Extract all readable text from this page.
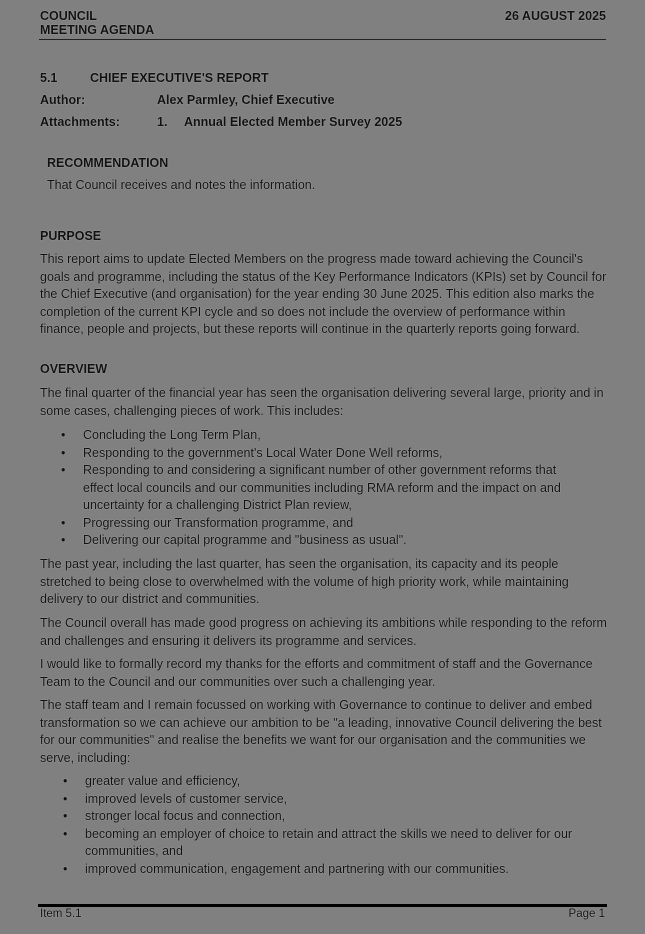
COUNCIL
MEETING AGENDA
26 AUGUST 2025
5.1	CHIEF EXECUTIVE'S REPORT
Author:	Alex Parmley, Chief Executive
Attachments:	1. Annual Elected Member Survey 2025
RECOMMENDATION
That Council receives and notes the information.
PURPOSE
This report aims to update Elected Members on the progress made toward achieving the Council's goals and programme, including the status of the Key Performance Indicators (KPIs) set by Council for the Chief Executive (and organisation) for the year ending 30 June 2025. This edition also marks the completion of the current KPI cycle and so does not include the overview of performance within finance, people and projects, but these reports will continue in the quarterly reports going forward.
OVERVIEW
The final quarter of the financial year has seen the organisation delivering several large, priority and in some cases, challenging pieces of work. This includes:
• Concluding the Long Term Plan,
• Responding to the government's Local Water Done Well reforms,
• Responding to and considering a significant number of other government reforms that effect local councils and our communities including RMA reform and the impact on and uncertainty for a challenging District Plan review,
• Progressing our Transformation programme, and
• Delivering our capital programme and "business as usual".
The past year, including the last quarter, has seen the organisation, its capacity and its people stretched to being close to overwhelmed with the volume of high priority work, while maintaining delivery to our district and communities.
The Council overall has made good progress on achieving its ambitions while responding to the reform and challenges and ensuring it delivers its programme and services.
I would like to formally record my thanks for the efforts and commitment of staff and the Governance Team to the Council and our communities over such a challenging year.
The staff team and I remain focussed on working with Governance to continue to deliver and embed transformation so we can achieve our ambition to be "a leading, innovative Council delivering the best for our communities" and realise the benefits we want for our organisation and the communities we serve, including:
• greater value and efficiency,
• improved levels of customer service,
• stronger local focus and connection,
• becoming an employer of choice to retain and attract the skills we need to deliver for our communities, and
• improved communication, engagement and partnering with our communities.
Item 5.1	Page 1
